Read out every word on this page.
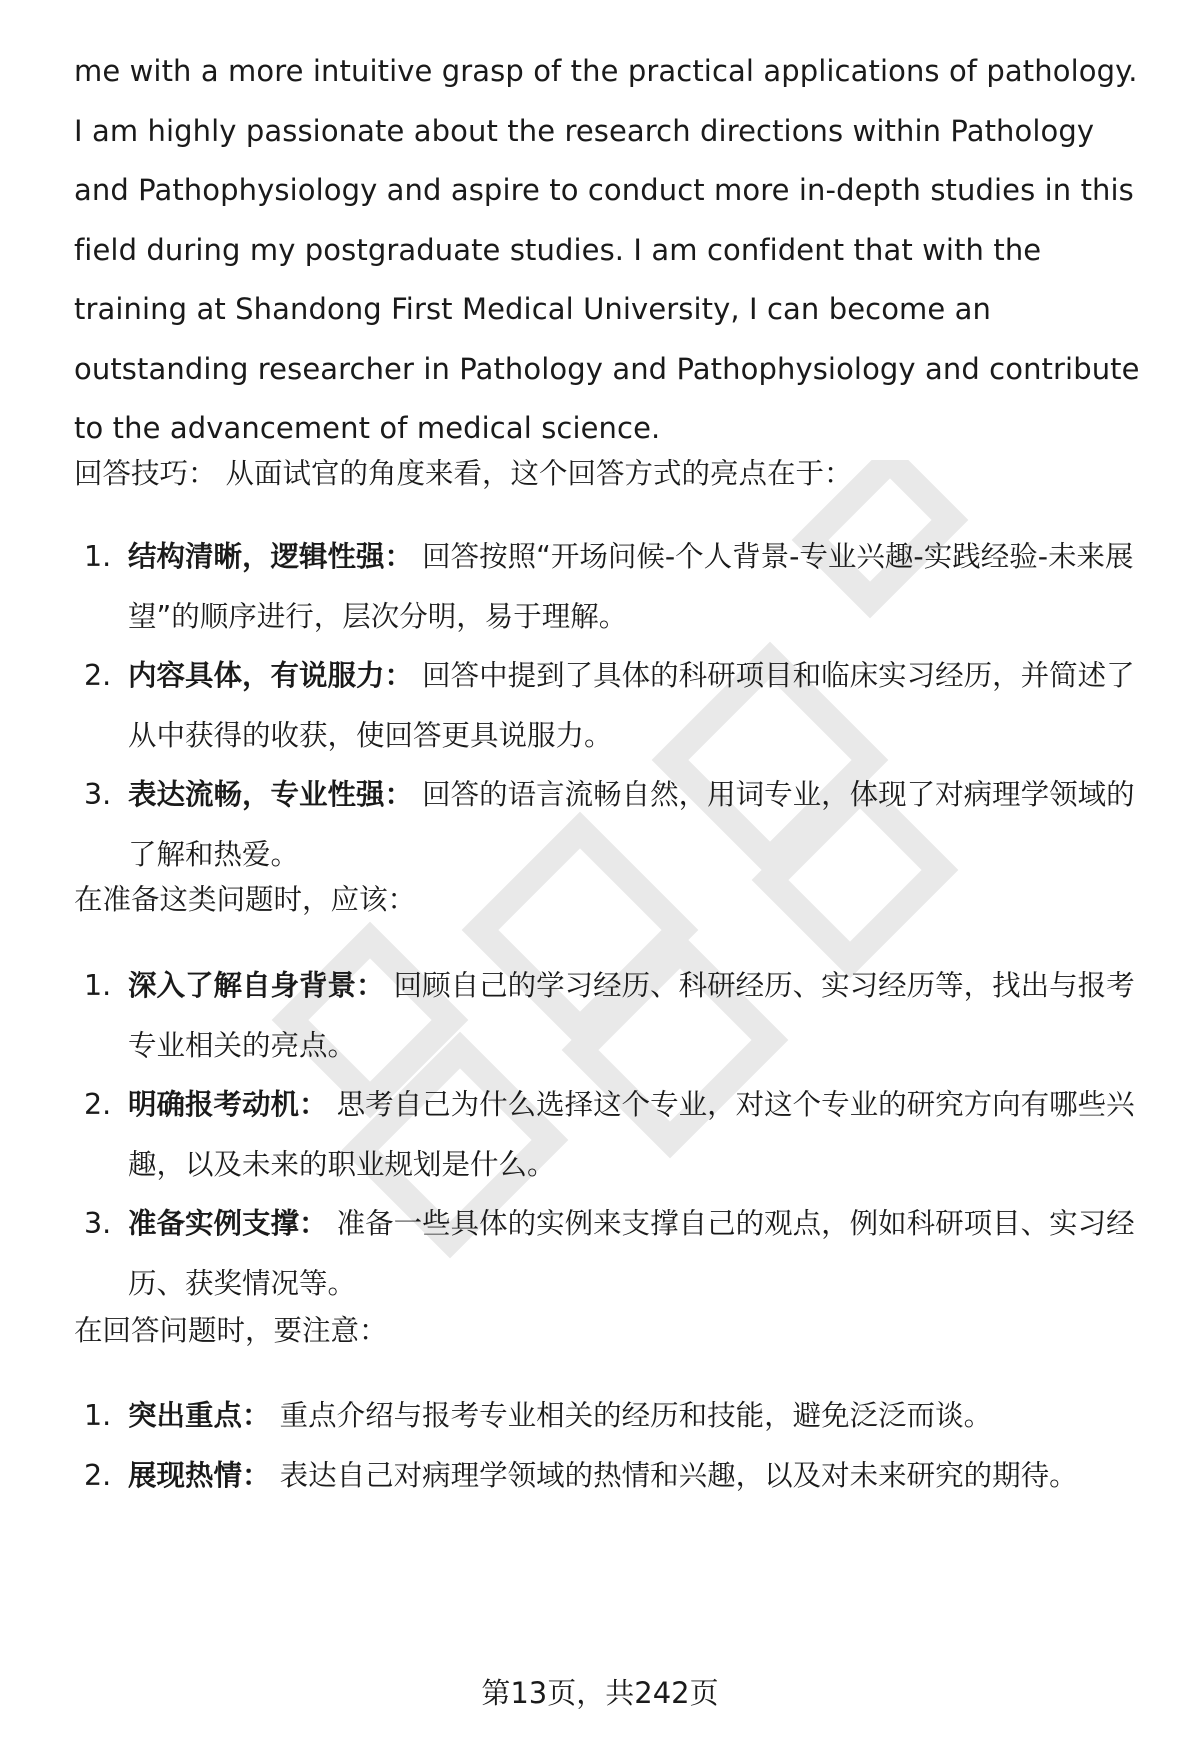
me with a more intuitive grasp of the practical applications of pathology. I am highly passionate about the research directions within Pathology and Pathophysiology and aspire to conduct more in-depth studies in this field during my postgraduate studies. I am confident that with the training at Shandong First Medical University, I can become an outstanding researcher in Pathology and Pathophysiology and contribute to the advancement of medical science.

回答技巧： 从面试官的角度来看，这个回答方式的亮点在于：

1. 结构清晰，逻辑性强： 回答按照“开场问候-个人背景-专业兴趣-实践经验-未来展望”的顺序进行，层次分明，易于理解。
2. 内容具体，有说服力： 回答中提到了具体的科研项目和临床实习经历，并简述了从中获得的收获，使回答更具说服力。
3. 表达流畅，专业性强： 回答的语言流畅自然，用词专业，体现了对病理学领域的了解和热爱。

在准备这类问题时，应该：

1. 深入了解自身背景： 回顾自己的学习经历、科研经历、实习经历等，找出与报考专业相关的亮点。
2. 明确报考动机： 思考自己为什么选择这个专业，对这个专业的研究方向有哪些兴趣，以及未来的职业规划是什么。
3. 准备实例支撑： 准备一些具体的实例来支撑自己的观点，例如科研项目、实习经历、获奖情况等。

在回答问题时，要注意：

1. 突出重点： 重点介绍与报考专业相关的经历和技能，避免泛泛而谈。
2. 展现热情： 表达自己对病理学领域的热情和兴趣，以及对未来研究的期待。
第13页，共242页
